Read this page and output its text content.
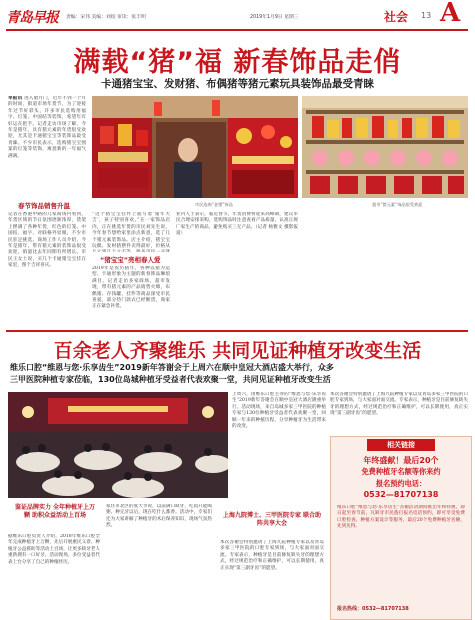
青岛早报 责编：宋伟 美编：刘绍 审读：张丰明	2019年1月9日 星期三	社会 13 A
满载“猪”福 新春饰品走俏
卡通猪宝宝、发财猪、布偶猪等猪元素玩具装饰品最受青睐
早报讯 进入腊月门，近年不到一个月的时间，街道市场年货节，为了迎接年过节好彩头，许多市民选购用福字、灯笼、中国结等装饰，希望年有好运在把手。记者走访市场了解，今年是猪年，具有猪元素的年货很受欢迎，尤其是卡通猪宝宝等装饰品最受青睐。不少市民表示，选购猪宝宝图案的灯笼等装饰，寓意新的一年福气满满。
市民选购“金猪”饰品	超市“猪元素”饰品很受欢迎
春节饰品销售升温
记者在香港中路的几家商场内看到，年货区域的节日氛围逐渐浓厚，货架上摆满了各种年货，红色的灯笼、中国结、福字、对联格外显眼，不少市民驻足挑选。商场工作人员介绍，今年是猪年，带有猪元素的装饰品很受欢迎，销量比去年同期有所增长。市民王女士说，买几个卡通猪宝宝挂在家里，图个吉祥喜庆。
“这个猪宝宝挂件上面写着‘猪年大吉’，孩子特别喜欢。”在一家饰品店内，正在挑选年货的市民刘先生说，今年春节想给家里添点新意，选了几个猪元素装饰品。店主介绍，猪宝宝玩偶、发财猪摆件卖得最好，价格从
“猪宝宝”亮相春人爱
2019年是农历猪年，各种以猪为造型、卡通形象为主题的新春饰品琳琅满目。记者走访多家商场、超市发现，带有猪元素的产品销售火爆，布偶猪、存钱罐、挂件等商品深受市民喜爱，部分热门款式已经断货，商家正在紧急补货。
业内人士表示，临近春节，年货消费将迎来高峰期，建议市民合理安排采购，选购饰品时注意查看产品质量，认准正规厂家生产的商品，避免购买三无产品。（记者 杨雅文 摄影报道）
百余老人齐聚维乐 共同见证种植牙改变生活
维乐口腔“维恩与您·乐享齿生”2019新年答谢会于上周六在顺中皇冠大酒店盛大举行，众多
三甲医院种植专家莅临，130位岛城种植牙受益者代表欢聚一堂，共同见证种植牙改变生活
上周六，由维乐口腔主办的“维恩与您·乐享齿生”2019新年答谢会在顺中皇冠大酒店隆重举行。活动现场，来自岛城多家三甲医院的种植专家与130位种植牙受益者代表欢聚一堂，回顾一年来的种植历程，分享种植牙为生活带来的改变。
本次答谢会特别邀请了上海九院种植专家以及青岛多家三甲医院的口腔专家到场，与大家面对面交流。专家表示，种植牙是目前修复缺失牙的理想方式，经过规范治疗和正确维护，可以长期使用，真正实现“第三副牙齿”的愿望。
相关链接
年终盛献！最后20个
免费种植牙名额等你来约
报名预约电话：
0532—81707138
维乐口腔“维恩与您·乐享齿生”答谢活动期间推出年终特惠，即日起至春节前，凡缺牙市民拨打报名电话预约，即可享受免费口腔检查、种植方案设计等服务，最后20个免费种植牙名额，先到先得。
报名热线：0532—81707138
鉴证品牌实力 全年种植牙上万颗 助积众益活动上百场
据维乐口腔负责人介绍，2018年维乐口腔全年完成种植牙上万颗，先后开展惠民义诊、种植牙公益援助等活动上百场，让更多缺牙老人重新拥有一口好牙。活动现场，多位受益者代表上台分享了自己的种植经历。
家住市北区的张大爷说，以前满口缺牙，吃饭只能喝粥，种完牙以后，现在吃什么都香。活动中，专家们还为大家讲解了种植牙的术后保养知识，现场气氛热烈。
上海九院博士、三甲医院专家 联合助阵共享大会
本次答谢会特别邀请了上海九院种植专家以及青岛多家三甲医院的口腔专家到场，与大家面对面交流。专家表示，种植牙是目前修复缺失牙的理想方式，经过规范治疗和正确维护，可以长期使用，真正实现“第三副牙齿”的愿望。
